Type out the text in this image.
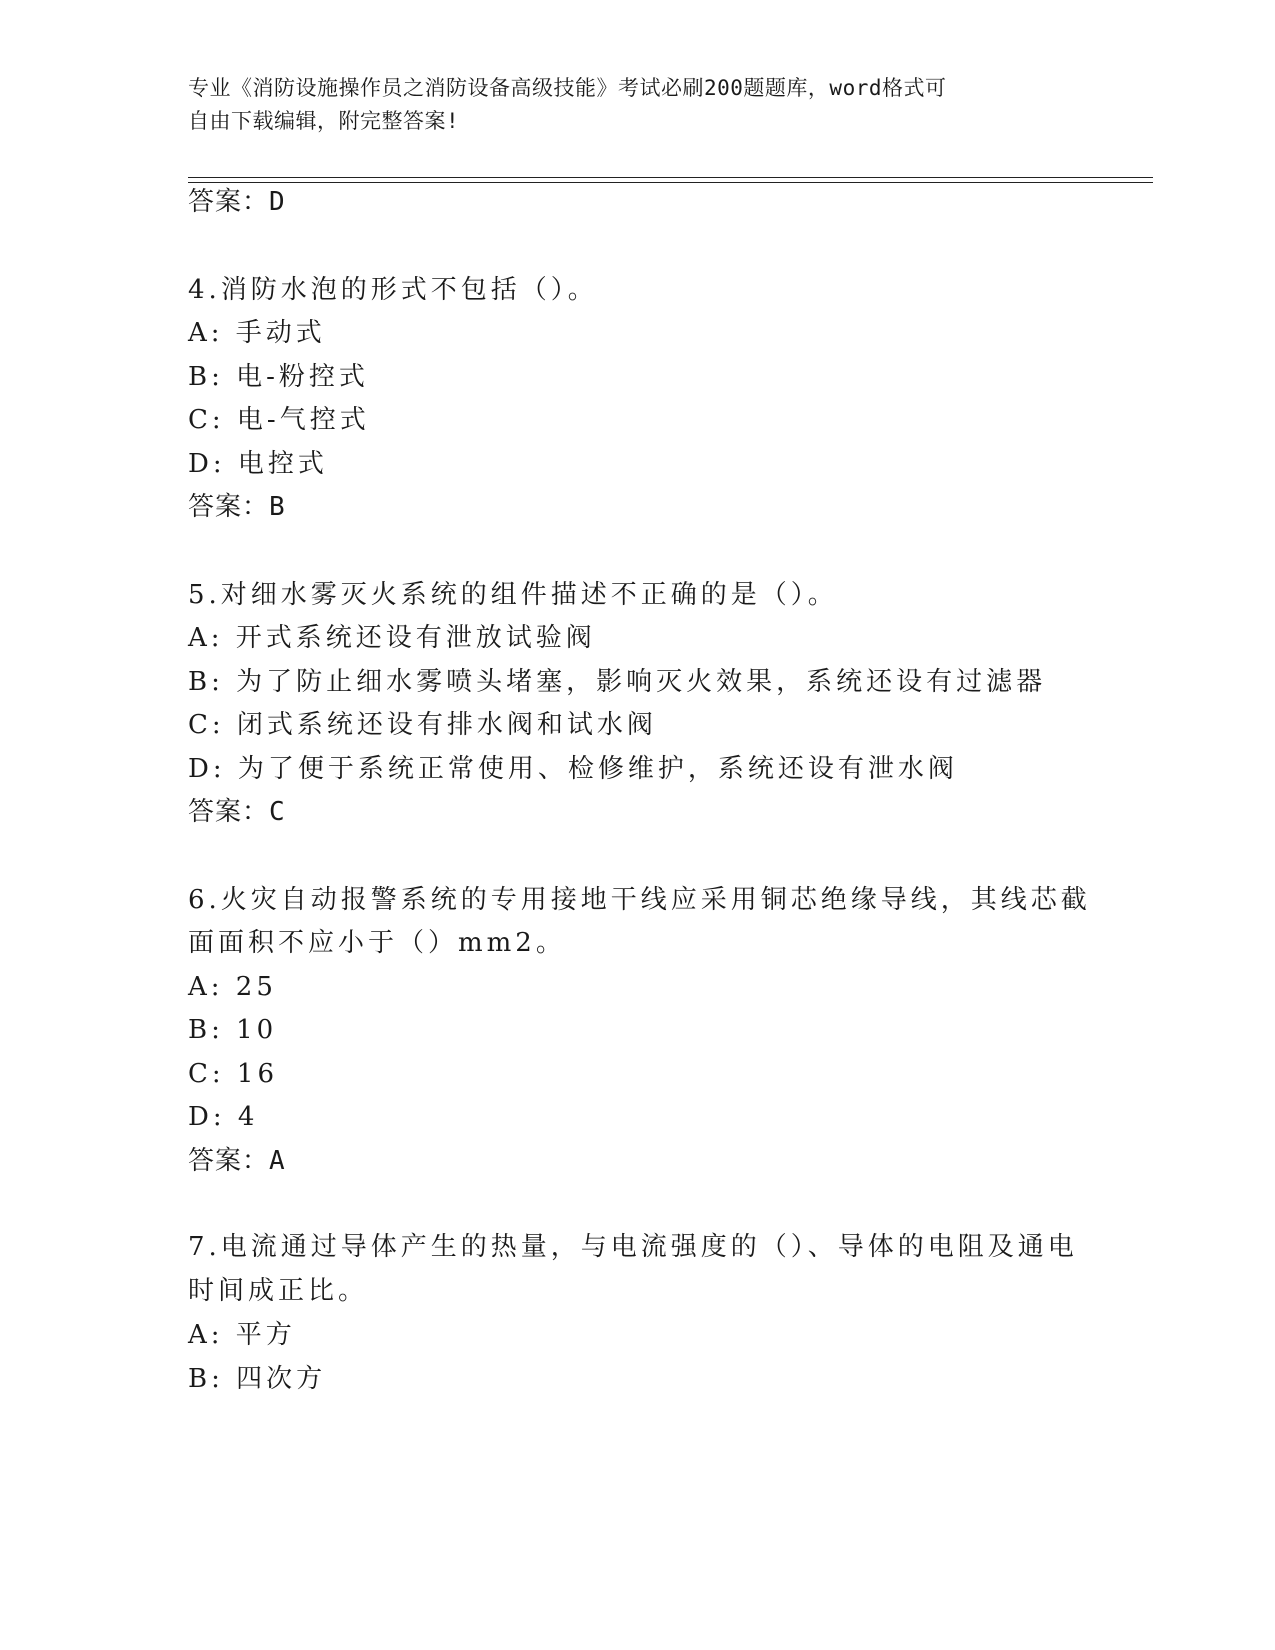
专业《消防设施操作员之消防设备高级技能》考试必刷200题题库，word格式可
自由下载编辑，附完整答案!
答案：D
4.消防水泡的形式不包括（）。
A: 手动式
B: 电-粉控式
C: 电-气控式
D: 电控式
答案：B
5.对细水雾灭火系统的组件描述不正确的是（）。
A: 开式系统还设有泄放试验阀
B: 为了防止细水雾喷头堵塞，影响灭火效果，系统还设有过滤器
C: 闭式系统还设有排水阀和试水阀
D: 为了便于系统正常使用、检修维护，系统还设有泄水阀
答案：C
6.火灾自动报警系统的专用接地干线应采用铜芯绝缘导线，其线芯截
面面积不应小于（）mm2。
A: 25
B: 10
C: 16
D: 4
答案：A
7.电流通过导体产生的热量，与电流强度的（）、导体的电阻及通电
时间成正比。
A: 平方
B: 四次方
